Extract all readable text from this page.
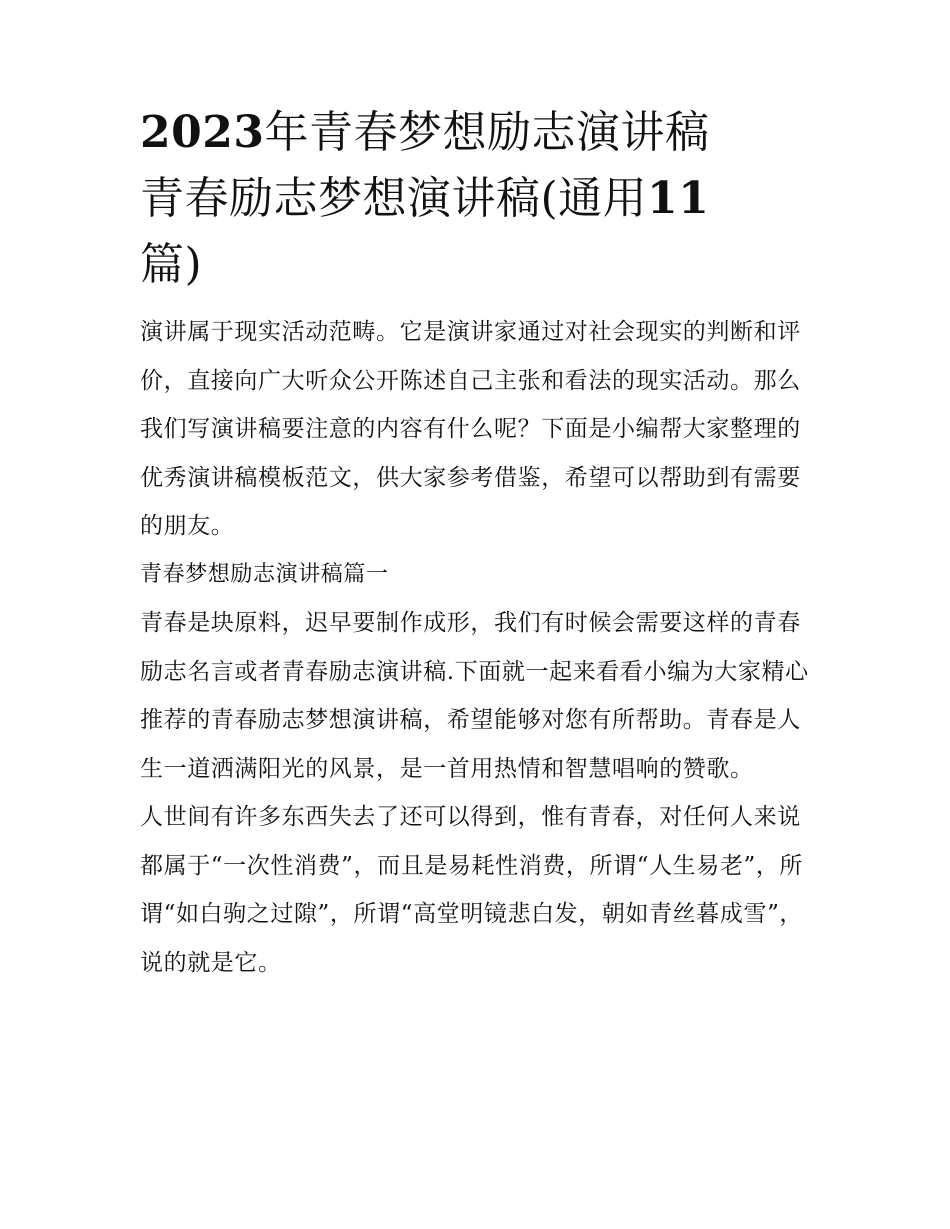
2023年青春梦想励志演讲稿
青春励志梦想演讲稿(通用11
篇)

演讲属于现实活动范畴。它是演讲家通过对社会现实的判断和评价，直接向广大听众公开陈述自己主张和看法的现实活动。那么我们写演讲稿要注意的内容有什么呢？下面是小编帮大家整理的优秀演讲稿模板范文，供大家参考借鉴，希望可以帮助到有需要的朋友。

青春梦想励志演讲稿篇一

青春是块原料，迟早要制作成形，我们有时候会需要这样的青春励志名言或者青春励志演讲稿.下面就一起来看看小编为大家精心推荐的青春励志梦想演讲稿，希望能够对您有所帮助。青春是人生一道洒满阳光的风景，是一首用热情和智慧唱响的赞歌。

人世间有许多东西失去了还可以得到，惟有青春，对任何人来说都属于“一次性消费”，而且是易耗性消费，所谓“人生易老”，所谓“如白驹之过隙”，所谓“高堂明镜悲白发，朝如青丝暮成雪”，说的就是它。
